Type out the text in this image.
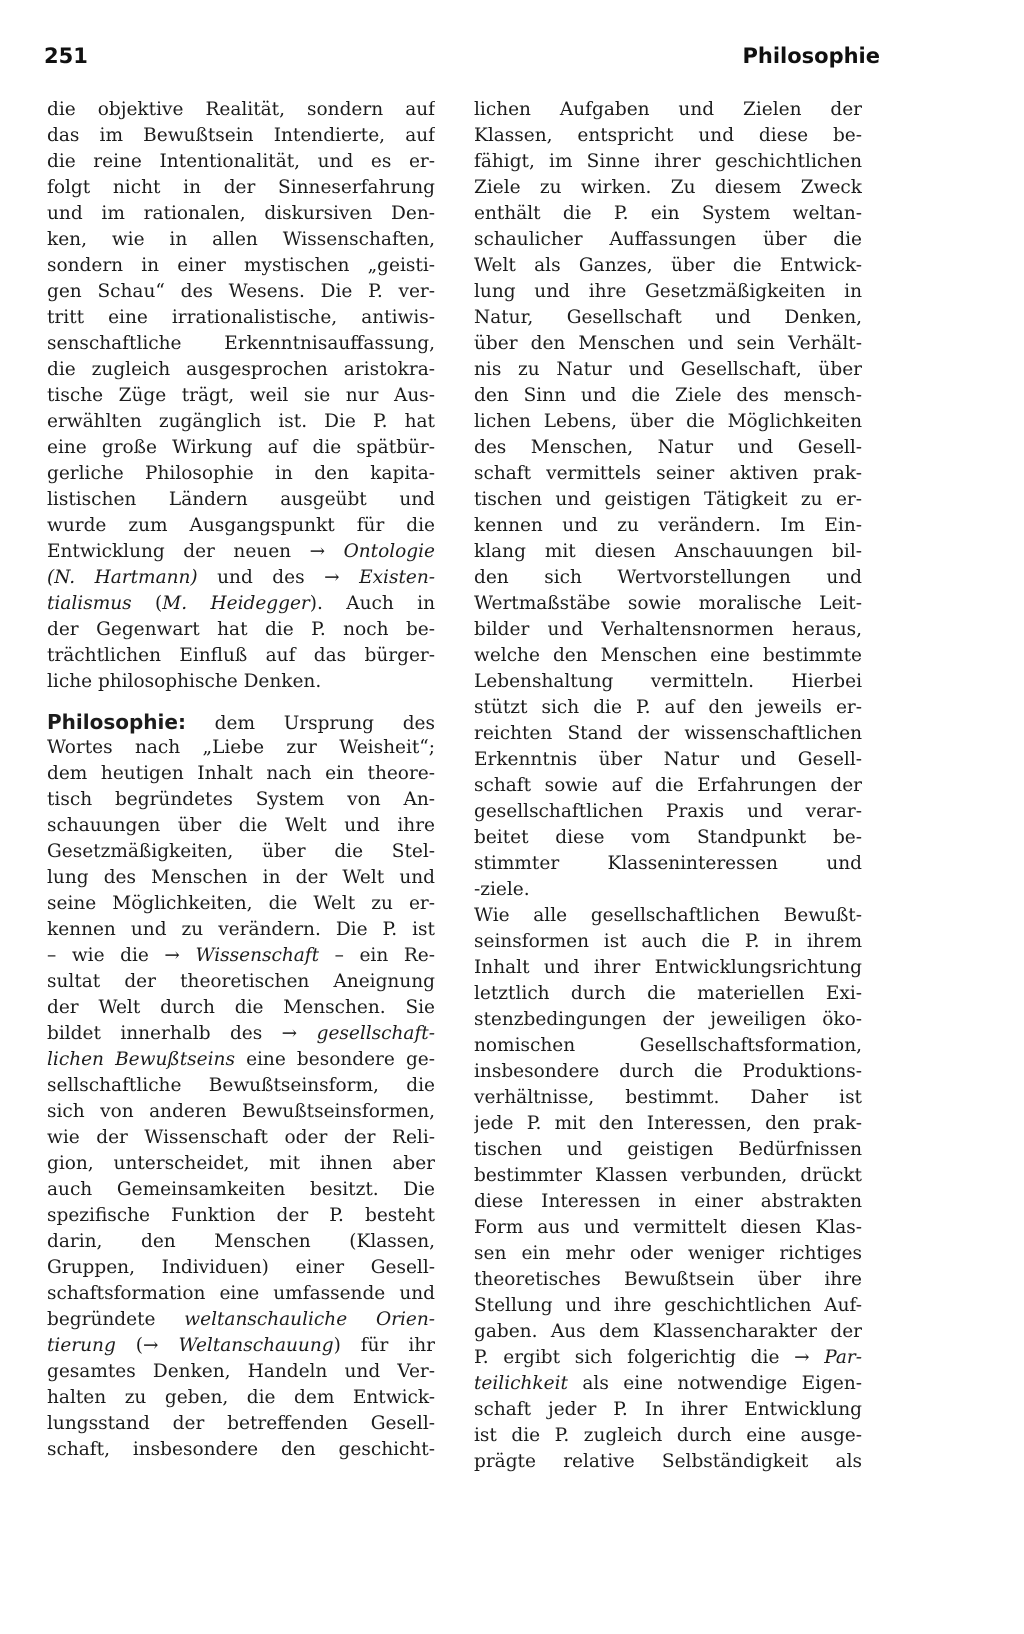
251	Philosophie
die objektive Realität, sondern auf
das im Bewußtsein Intendierte, auf
die reine Intentionalität, und es er-
folgt nicht in der Sinneserfahrung
und im rationalen, diskursiven Den-
ken, wie in allen Wissenschaften,
sondern in einer mystischen „geisti-
gen Schau“ des Wesens. Die P. ver-
tritt eine irrationalistische, antiwis-
senschaftliche Erkenntnisauffassung,
die zugleich ausgesprochen aristokra-
tische Züge trägt, weil sie nur Aus-
erwählten zugänglich ist. Die P. hat
eine große Wirkung auf die spätbür-
gerliche Philosophie in den kapita-
listischen Ländern ausgeübt und
wurde zum Ausgangspunkt für die
Entwicklung der neuen → Ontologie
(N. Hartmann) und des → Existen-
tialismus (M. Heidegger). Auch in
der Gegenwart hat die P. noch be-
trächtlichen Einfluß auf das bürger-
liche philosophische Denken.
Philosophie: dem Ursprung des
Wortes nach „Liebe zur Weisheit“;
dem heutigen Inhalt nach ein theore-
tisch begründetes System von An-
schauungen über die Welt und ihre
Gesetzmäßigkeiten, über die Stel-
lung des Menschen in der Welt und
seine Möglichkeiten, die Welt zu er-
kennen und zu verändern. Die P. ist
– wie die → Wissenschaft – ein Re-
sultat der theoretischen Aneignung
der Welt durch die Menschen. Sie
bildet innerhalb des → gesellschaft-
lichen Bewußtseins eine besondere ge-
sellschaftliche Bewußtseinsform, die
sich von anderen Bewußtseinsformen,
wie der Wissenschaft oder der Reli-
gion, unterscheidet, mit ihnen aber
auch Gemeinsamkeiten besitzt. Die
spezifische Funktion der P. besteht
darin, den Menschen (Klassen,
Gruppen, Individuen) einer Gesell-
schaftsformation eine umfassende und
begründete weltanschauliche Orien-
tierung (→ Weltanschauung) für ihr
gesamtes Denken, Handeln und Ver-
halten zu geben, die dem Entwick-
lungsstand der betreffenden Gesell-
schaft, insbesondere den geschicht-
lichen Aufgaben und Zielen der
Klassen, entspricht und diese be-
fähigt, im Sinne ihrer geschichtlichen
Ziele zu wirken. Zu diesem Zweck
enthält die P. ein System weltan-
schaulicher Auffassungen über die
Welt als Ganzes, über die Entwick-
lung und ihre Gesetzmäßigkeiten in
Natur, Gesellschaft und Denken,
über den Menschen und sein Verhält-
nis zu Natur und Gesellschaft, über
den Sinn und die Ziele des mensch-
lichen Lebens, über die Möglichkeiten
des Menschen, Natur und Gesell-
schaft vermittels seiner aktiven prak-
tischen und geistigen Tätigkeit zu er-
kennen und zu verändern. Im Ein-
klang mit diesen Anschauungen bil-
den sich Wertvorstellungen und
Wertmaßstäbe sowie moralische Leit-
bilder und Verhaltensnormen heraus,
welche den Menschen eine bestimmte
Lebenshaltung vermitteln. Hierbei
stützt sich die P. auf den jeweils er-
reichten Stand der wissenschaftlichen
Erkenntnis über Natur und Gesell-
schaft sowie auf die Erfahrungen der
gesellschaftlichen Praxis und verar-
beitet diese vom Standpunkt be-
stimmter Klasseninteressen und
-ziele.
Wie alle gesellschaftlichen Bewußt-
seinsformen ist auch die P. in ihrem
Inhalt und ihrer Entwicklungsrichtung
letztlich durch die materiellen Exi-
stenzbedingungen der jeweiligen öko-
nomischen Gesellschaftsformation,
insbesondere durch die Produktions-
verhältnisse, bestimmt. Daher ist
jede P. mit den Interessen, den prak-
tischen und geistigen Bedürfnissen
bestimmter Klassen verbunden, drückt
diese Interessen in einer abstrakten
Form aus und vermittelt diesen Klas-
sen ein mehr oder weniger richtiges
theoretisches Bewußtsein über ihre
Stellung und ihre geschichtlichen Auf-
gaben. Aus dem Klassencharakter der
P. ergibt sich folgerichtig die → Par-
teilichkeit als eine notwendige Eigen-
schaft jeder P. In ihrer Entwicklung
ist die P. zugleich durch eine ausge-
prägte relative Selbständigkeit als
